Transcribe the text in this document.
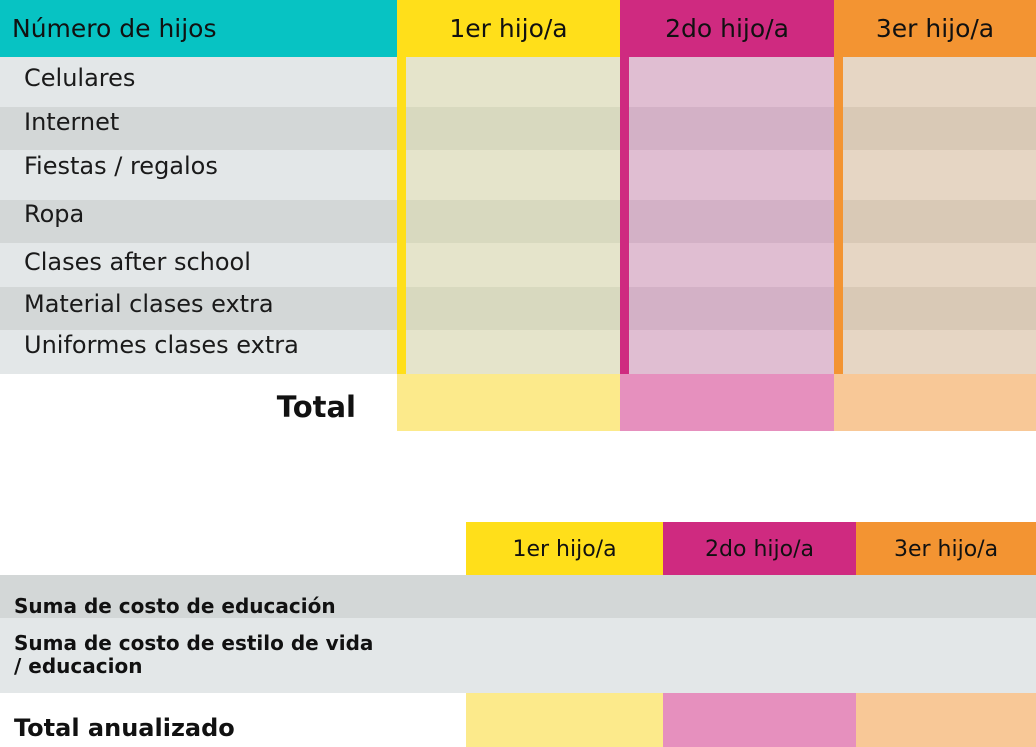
Número de hijos	1er hijo/a	2do hijo/a	3er hijo/a
Celulares
Internet
Fiestas / regalos
Ropa
Clases after school
Material clases extra
Uniformes clases extra
Total
1er hijo/a	2do hijo/a	3er hijo/a
Suma de costo de educación
Suma de costo de estilo de vida
/ educacion
Total anualizado
